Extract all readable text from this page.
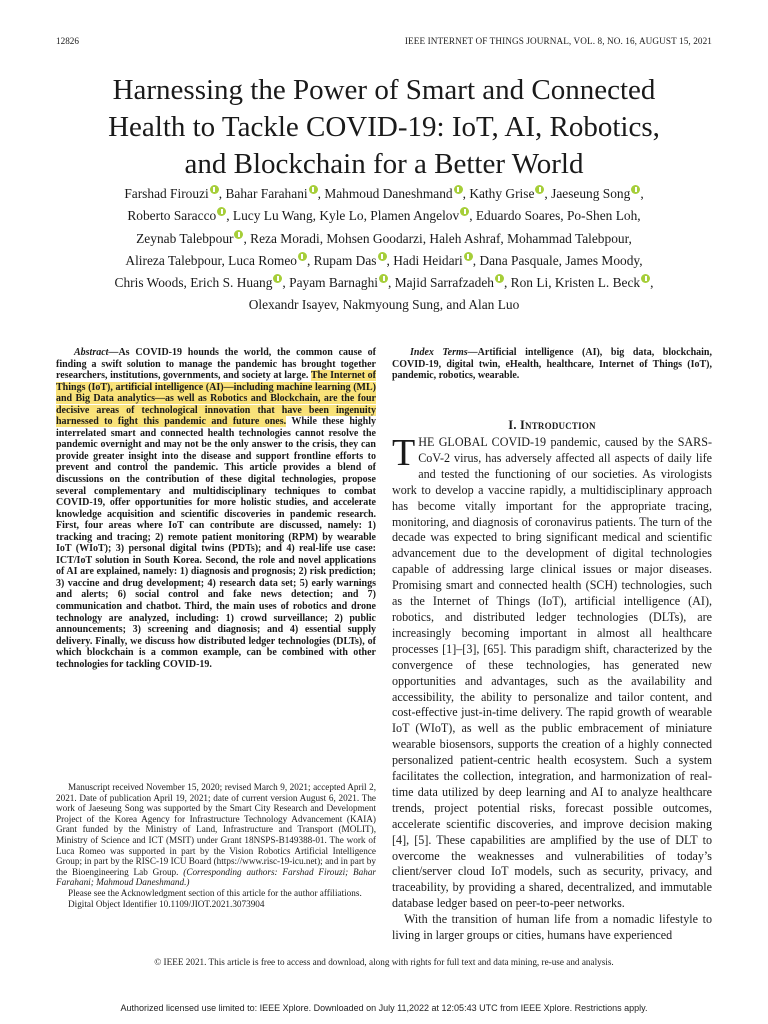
12826	IEEE INTERNET OF THINGS JOURNAL, VOL. 8, NO. 16, AUGUST 15, 2021
Harnessing the Power of Smart and Connected
Health to Tackle COVID-19: IoT, AI, Robotics,
and Blockchain for a Better World
Farshad Firouzi , Bahar Farahani , Mahmoud Daneshmand , Kathy Grise , Jaeseung Song ,
Roberto Saracco , Lucy Lu Wang, Kyle Lo, Plamen Angelov , Eduardo Soares, Po-Shen Loh,
Zeynab Talebpour , Reza Moradi, Mohsen Goodarzi, Haleh Ashraf, Mohammad Talebpour,
Alireza Talebpour, Luca Romeo , Rupam Das , Hadi Heidari , Dana Pasquale, James Moody,
Chris Woods, Erich S. Huang , Payam Barnaghi , Majid Sarrafzadeh , Ron Li, Kristen L. Beck ,
Olexandr Isayev, Nakmyoung Sung, and Alan Luo

Abstract—As COVID-19 hounds the world, the common cause of finding a swift solution to manage the pandemic has brought together researchers, institutions, governments, and society at large. The Internet of Things (IoT), artificial intelligence (AI)—including machine learning (ML) and Big Data analytics—as well as Robotics and Blockchain, are the four decisive areas of technological innovation that have been ingenuity harnessed to fight this pandemic and future ones. While these highly interrelated smart and connected health technologies cannot resolve the pandemic overnight and may not be the only answer to the crisis, they can provide greater insight into the disease and support frontline efforts to prevent and control the pandemic. This article provides a blend of discussions on the contribution of these digital technologies, propose several complementary and multidisciplinary techniques to combat COVID-19, offer opportunities for more holistic studies, and accelerate knowledge acquisition and scientific discoveries in pandemic research. First, four areas where IoT can contribute are discussed, namely: 1) tracking and tracing; 2) remote patient monitoring (RPM) by wearable IoT (WIoT); 3) personal digital twins (PDTs); and 4) real-life use case: ICT/IoT solution in South Korea. Second, the role and novel applications of AI are explained, namely: 1) diagnosis and prognosis; 2) risk prediction; 3) vaccine and drug development; 4) research data set; 5) early warnings and alerts; 6) social control and fake news detection; and 7) communication and chatbot. Third, the main uses of robotics and drone technology are analyzed, including: 1) crowd surveillance; 2) public announcements; 3) screening and diagnosis; and 4) essential supply delivery. Finally, we discuss how distributed ledger technologies (DLTs), of which blockchain is a common example, can be combined with other technologies for tackling COVID-19.

Manuscript received November 15, 2020; revised March 9, 2021; accepted April 2, 2021. Date of publication April 19, 2021; date of current version August 6, 2021. The work of Jaeseung Song was supported by the Smart City Research and Development Project of the Korea Agency for Infrastructure Technology Advancement (KAIA) Grant funded by the Ministry of Land, Infrastructure and Transport (MOLIT), Ministry of Science and ICT (MSIT) under Grant 18NSPS-B149388-01. The work of Luca Romeo was supported in part by the Vision Robotics Artificial Intelligence Group; in part by the RISC-19 ICU Board (https://www.risc-19-icu.net); and in part by the Bioengineering Lab Group. (Corresponding authors: Farshad Firouzi; Bahar Farahani; Mahmoud Daneshmand.)

Please see the Acknowledgment section of this article for the author affiliations.

Digital Object Identifier 10.1109/JIOT.2021.3073904

Index Terms—Artificial intelligence (AI), big data, blockchain, COVID-19, digital twin, eHealth, healthcare, Internet of Things (IoT), pandemic, robotics, wearable.

I. Introduction

THE GLOBAL COVID-19 pandemic, caused by the SARS-CoV-2 virus, has adversely affected all aspects of daily life and tested the functioning of our societies. As virologists work to develop a vaccine rapidly, a multidisciplinary approach has become vitally important for the appropriate tracing, monitoring, and diagnosis of coronavirus patients. The turn of the decade was expected to bring significant medical and scientific advancement due to the development of digital technologies capable of addressing large clinical issues or major diseases. Promising smart and connected health (SCH) technologies, such as the Internet of Things (IoT), artificial intelligence (AI), robotics, and distributed ledger technologies (DLTs), are increasingly becoming important in almost all healthcare processes [1]–[3], [65]. This paradigm shift, characterized by the convergence of these technologies, has generated new opportunities and advantages, such as the availability and accessibility, the ability to personalize and tailor content, and cost-effective just-in-time delivery. The rapid growth of wearable IoT (WIoT), as well as the public embracement of miniature wearable biosensors, supports the creation of a highly connected personalized patient-centric health ecosystem. Such a system facilitates the collection, integration, and harmonization of real-time data utilized by deep learning and AI to analyze healthcare trends, project potential risks, forecast possible outcomes, accelerate scientific discoveries, and improve decision making [4], [5]. These capabilities are amplified by the use of DLT to overcome the weaknesses and vulnerabilities of today’s client/server cloud IoT models, such as security, privacy, and traceability, by providing a shared, decentralized, and immutable database ledger based on peer-to-peer networks.

With the transition of human life from a nomadic lifestyle to living in larger groups or cities, humans have experienced

© IEEE 2021. This article is free to access and download, along with rights for full text and data mining, re-use and analysis.
Authorized licensed use limited to: IEEE Xplore. Downloaded on July 11,2022 at 12:05:43 UTC from IEEE Xplore. Restrictions apply.
